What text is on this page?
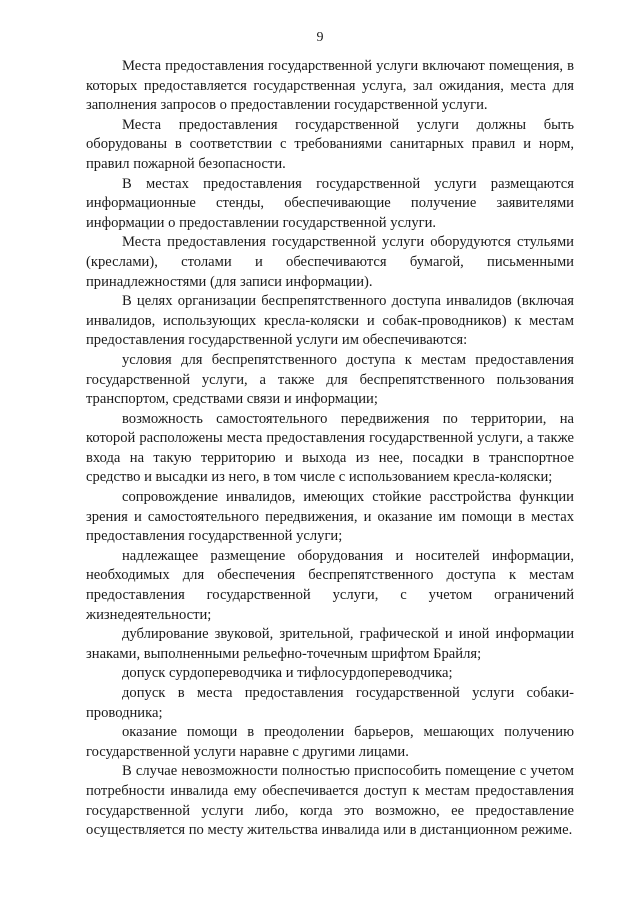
9

Места предоставления государственной услуги включают помещения, в которых предоставляется государственная услуга, зал ожидания, места для заполнения запросов о предоставлении государственной услуги.

Места предоставления государственной услуги должны быть оборудованы в соответствии с требованиями санитарных правил и норм, правил пожарной безопасности.

В местах предоставления государственной услуги размещаются информационные стенды, обеспечивающие получение заявителями информации о предоставлении государственной услуги.

Места предоставления государственной услуги оборудуются стульями (креслами), столами и обеспечиваются бумагой, письменными принадлежностями (для записи информации).

В целях организации беспрепятственного доступа инвалидов (включая инвалидов, использующих кресла-коляски и собак-проводников) к местам предоставления государственной услуги им обеспечиваются:

условия для беспрепятственного доступа к местам предоставления государственной услуги, а также для беспрепятственного пользования транспортом, средствами связи и информации;

возможность самостоятельного передвижения по территории, на которой расположены места предоставления государственной услуги, а также входа на такую территорию и выхода из нее, посадки в транспортное средство и высадки из него, в том числе с использованием кресла-коляски;

сопровождение инвалидов, имеющих стойкие расстройства функции зрения и самостоятельного передвижения, и оказание им помощи в местах предоставления государственной услуги;

надлежащее размещение оборудования и носителей информации, необходимых для обеспечения беспрепятственного доступа к местам предоставления государственной услуги, с учетом ограничений жизнедеятельности;

дублирование звуковой, зрительной, графической и иной информации знаками, выполненными рельефно-точечным шрифтом Брайля;

допуск сурдопереводчика и тифлосурдопереводчика;

допуск в места предоставления государственной услуги собаки-проводника;

оказание помощи в преодолении барьеров, мешающих получению государственной услуги наравне с другими лицами.

В случае невозможности полностью приспособить помещение с учетом потребности инвалида ему обеспечивается доступ к местам предоставления государственной услуги либо, когда это возможно, ее предоставление осуществляется по месту жительства инвалида или в дистанционном режиме.
